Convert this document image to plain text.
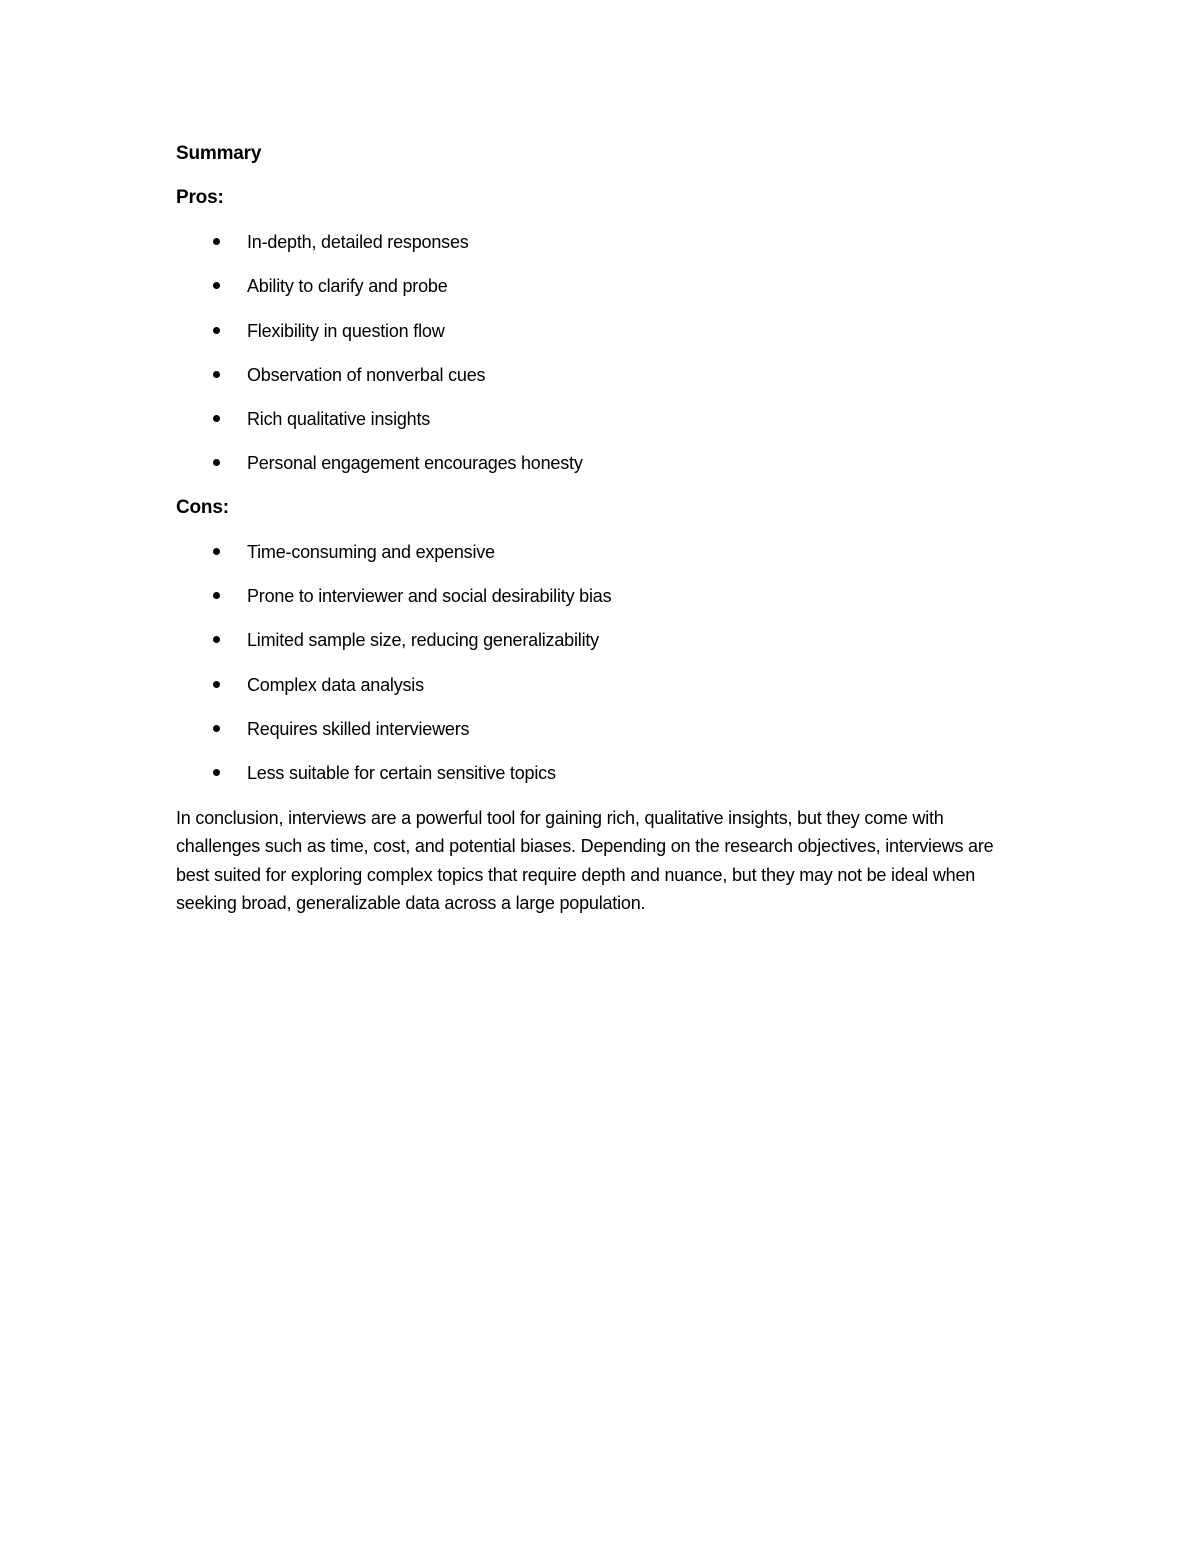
Summary

Pros:

In-depth, detailed responses
Ability to clarify and probe
Flexibility in question flow
Observation of nonverbal cues
Rich qualitative insights
Personal engagement encourages honesty

Cons:

Time-consuming and expensive
Prone to interviewer and social desirability bias
Limited sample size, reducing generalizability
Complex data analysis
Requires skilled interviewers
Less suitable for certain sensitive topics

In conclusion, interviews are a powerful tool for gaining rich, qualitative insights, but they come with challenges such as time, cost, and potential biases. Depending on the research objectives, interviews are best suited for exploring complex topics that require depth and nuance, but they may not be ideal when seeking broad, generalizable data across a large population.
